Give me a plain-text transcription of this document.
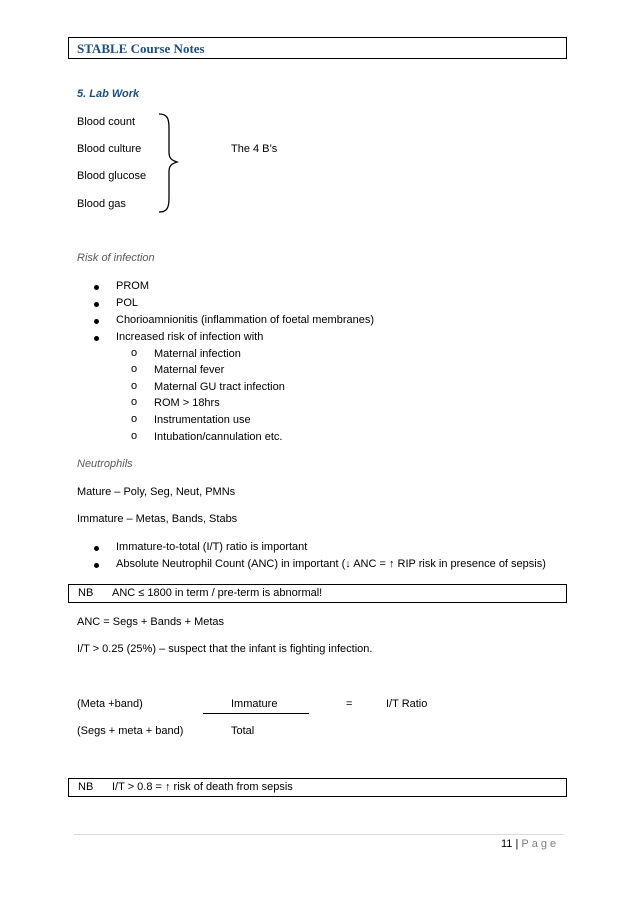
STABLE Course Notes
5. Lab Work
Blood count
Blood culture
Blood glucose
Blood gas
The 4 B’s
Risk of infection
PROM
POL
Chorioamnionitis (inflammation of foetal membranes)
Increased risk of infection with
o Maternal infection
o Maternal fever
o Maternal GU tract infection
o ROM > 18hrs
o Instrumentation use
o Intubation/cannulation etc.
Neutrophils
Mature – Poly, Seg, Neut, PMNs
Immature – Metas, Bands, Stabs
Immature-to-total (I/T) ratio is important
Absolute Neutrophil Count (ANC) in important (↓ ANC = ↑ RIP risk in presence of sepsis)
NB ANC ≤ 1800 in term / pre-term is abnormal!
ANC = Segs + Bands + Metas
I/T > 0.25 (25%) – suspect that the infant is fighting infection.
(Meta +band)	Immature	=	I/T Ratio
(Segs + meta + band)	Total
NB I/T > 0.8 = ↑ risk of death from sepsis
11 | Page
